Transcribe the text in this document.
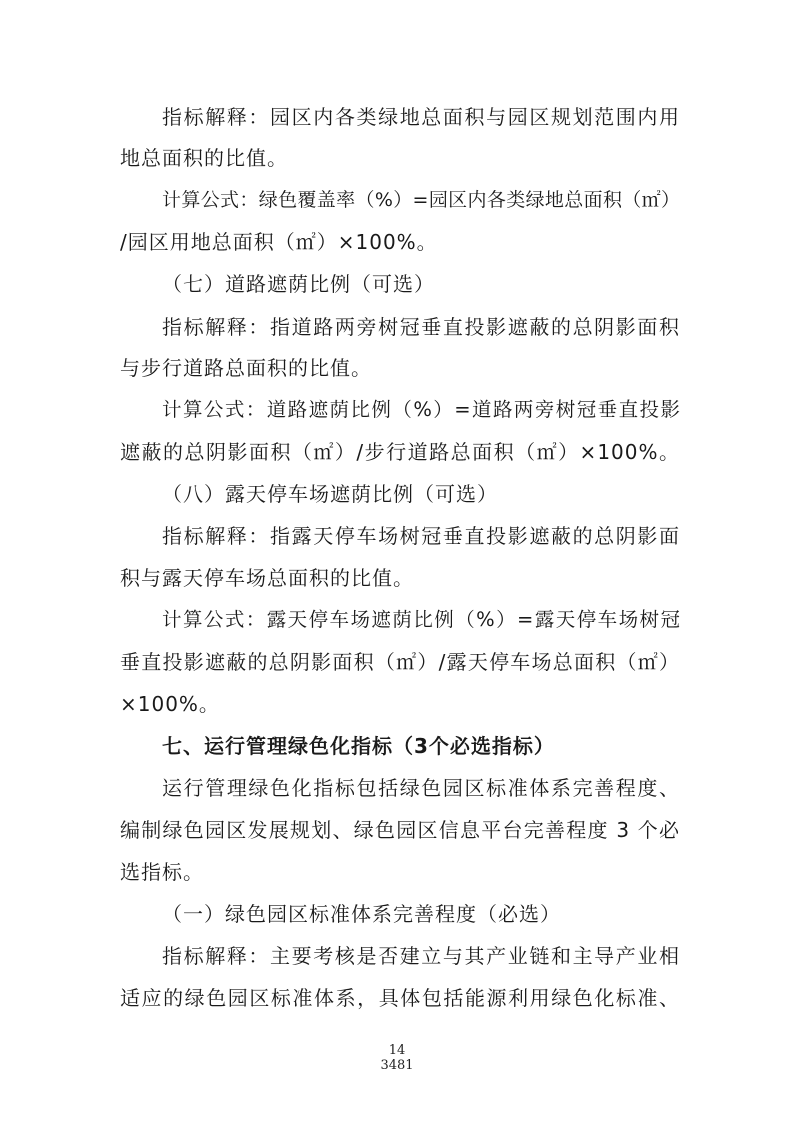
指标解释：园区内各类绿地总面积与园区规划范围内用
地总面积的比值。
计算公式：绿色覆盖率（%）=园区内各类绿地总面积（㎡）
/园区用地总面积（㎡）×100%。
（七）道路遮荫比例（可选）
指标解释：指道路两旁树冠垂直投影遮蔽的总阴影面积
与步行道路总面积的比值。
计算公式：道路遮荫比例（%）=道路两旁树冠垂直投影
遮蔽的总阴影面积（㎡）/步行道路总面积（㎡）×100%。
（八）露天停车场遮荫比例（可选）
指标解释：指露天停车场树冠垂直投影遮蔽的总阴影面
积与露天停车场总面积的比值。
计算公式：露天停车场遮荫比例（%）=露天停车场树冠
垂直投影遮蔽的总阴影面积（㎡）/露天停车场总面积（㎡）
×100%。
七、运行管理绿色化指标（3个必选指标）
运行管理绿色化指标包括绿色园区标准体系完善程度、
编制绿色园区发展规划、绿色园区信息平台完善程度 3 个必
选指标。
（一）绿色园区标准体系完善程度（必选）
指标解释：主要考核是否建立与其产业链和主导产业相
适应的绿色园区标准体系，具体包括能源利用绿色化标准、
14
3481
